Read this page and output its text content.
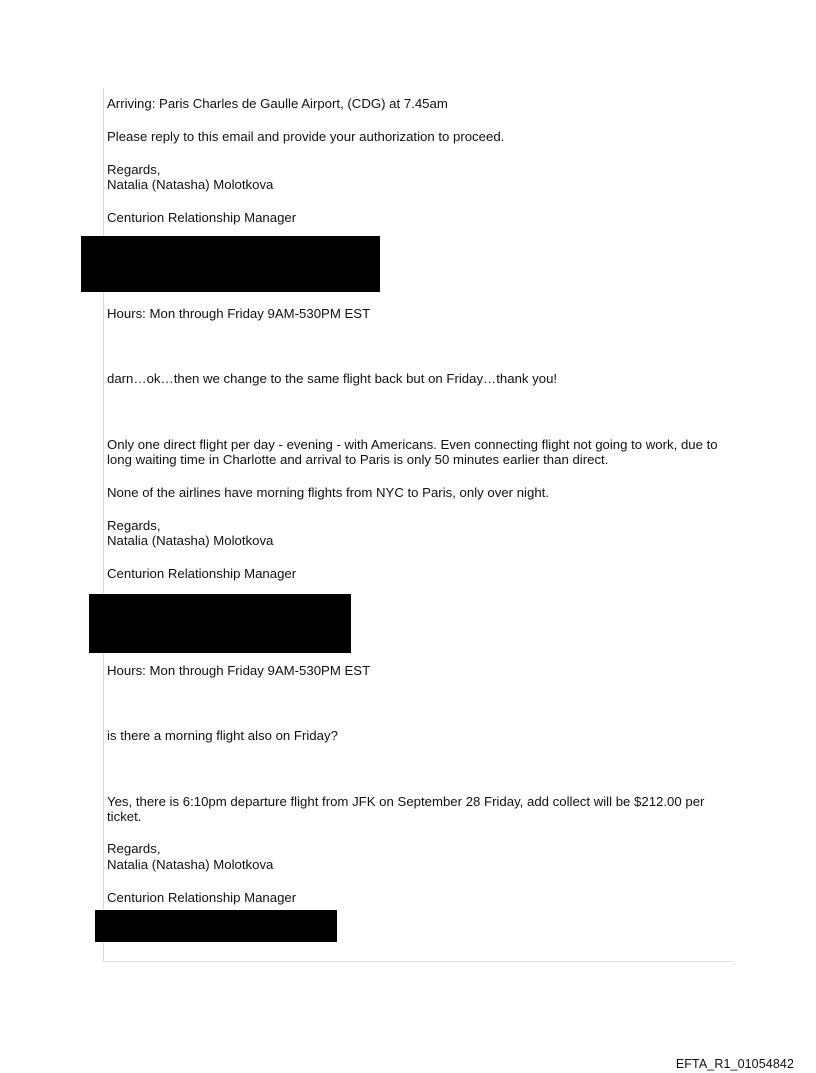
Arriving: Paris Charles de Gaulle Airport, (CDG) at 7.45am
Please reply to this email and provide your authorization to proceed.
Regards,
Natalia (Natasha) Molotkova
Centurion Relationship Manager
Hours: Mon through Friday 9AM-530PM EST
darn…ok…then we change to the same flight back but on Friday…thank you!
Only one direct flight per day - evening - with Americans. Even connecting flight not going to work, due to long waiting time in Charlotte and arrival to Paris is only 50 minutes earlier than direct.
None of the airlines have morning flights from NYC to Paris, only over night.
Regards,
Natalia (Natasha) Molotkova
Centurion Relationship Manager
Hours: Mon through Friday 9AM-530PM EST
is there a morning flight also on Friday?
Yes, there is 6:10pm departure flight from JFK on September 28 Friday, add collect will be $212.00 per ticket.
Regards,
Natalia (Natasha) Molotkova
Centurion Relationship Manager
EFTA_R1_01054842
